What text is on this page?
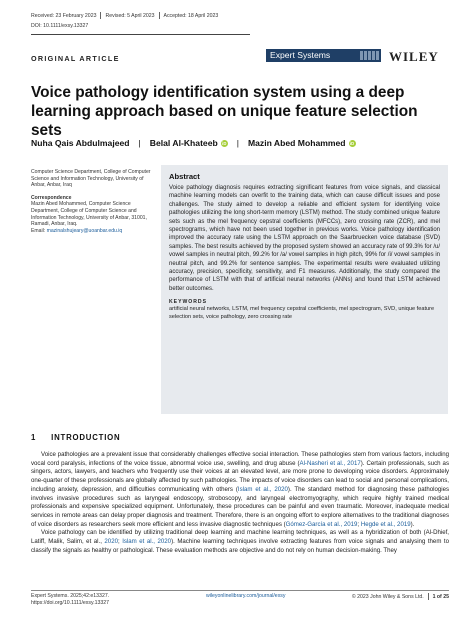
Received: 23 February 2023 Revised: 5 April 2023 Accepted: 18 April 2023
DOI: 10.1111/exsy.13327
ORIGINAL ARTICLE	Expert Systems	WILEY
Voice pathology identification system using a deep learning approach based on unique feature selection sets
Nuha Qais Abdulmajeed | Belal Al-Khateeb	iD | Mazin Abed Mohammed	iD
Computer Science Department, College of Computer Science and Information Technology, University of Anbar, Anbar, Iraq
Correspondence
Mazin Abed Mohammed, Computer Science Department, College of Computer Science and Information Technology, University of Anbar, 31001, Ramadi, Anbar, Iraq.
Email: mazinalshujeary@uoanbar.edu.iq
Abstract
Voice pathology diagnosis requires extracting significant features from voice signals, and classical machine learning models can overfit to the training data, which can cause difficult issues and pose challenges. The study aimed to develop a reliable and efficient system for identifying voice pathologies utilizing the long short-term memory (LSTM) method. The study combined unique feature sets such as the mel frequency cepstral coefficients (MFCCs), zero crossing rate (ZCR), and mel spectrograms, which have not been used together in previous works. Voice pathology identification improved the accuracy rate using the LSTM approach on the Saarbruecken voice database (SVD) samples. The best results achieved by the proposed system showed an accuracy rate of 99.3% for /u/ vowel samples in neutral pitch, 99.2% for /a/ vowel samples in high pitch, 99% for /i/ vowel samples in neutral pitch, and 99.2% for sentence samples. The experimental results were evaluated utilizing accuracy, precision, specificity, sensitivity, and F1 measures. Additionally, the study compared the performance of LSTM with that of artificial neural networks (ANNs) and found that LSTM achieved better outcomes.
KEYWORDS
artificial neural networks, LSTM, mel frequency cepstral coefficients, mel spectrogram, SVD, unique feature selection sets, voice pathology, zero crossing rate
1 INTRODUCTION

Voice pathologies are a prevalent issue that considerably challenges effective social interaction. These pathologies stem from various factors, including vocal cord paralysis, infections of the voice tissue, abnormal voice use, swelling, and drug abuse (Al-Nasheri et al., 2017). Certain professionals, such as singers, actors, lawyers, and teachers who frequently use their voices at an elevated level, are more prone to developing voice disorders. Approximately one-quarter of these professionals are globally affected by such pathologies. The impacts of voice disorders can lead to social and personal complications, including anxiety, depression, and difficulties communicating with others (Islam et al., 2020). The standard method for diagnosing these pathologies involves invasive procedures such as laryngeal endoscopy, stroboscopy, and laryngeal electromyography, which require highly trained medical professionals and expensive specialized equipment. Unfortunately, these procedures can be painful and even traumatic. Moreover, inadequate medical services in remote areas can delay proper diagnosis and treatment. Therefore, there is an ongoing effort to explore alternatives to the traditional diagnoses of voice disorders as researchers seek more efficient and less invasive diagnostic techniques (Gómez-García et al., 2019; Hegde et al., 2019).

Voice pathology can be identified by utilizing traditional deep learning and machine learning techniques, as well as a hybridization of both (Al-Dhief, Latiff, Malik, Salim, et al., 2020; Islam et al., 2020). Machine learning techniques involve extracting features from voice signals and analysing them to classify the signals as healthy or pathological. These evaluation methods are objective and do not rely on human decision-making. They

Expert Systems. 2025;42:e13327.
https://doi.org/10.1111/exsy.13327
wileyonlinelibrary.com/journal/exsy	© 2023 John Wiley & Sons Ltd. 1 of 25
